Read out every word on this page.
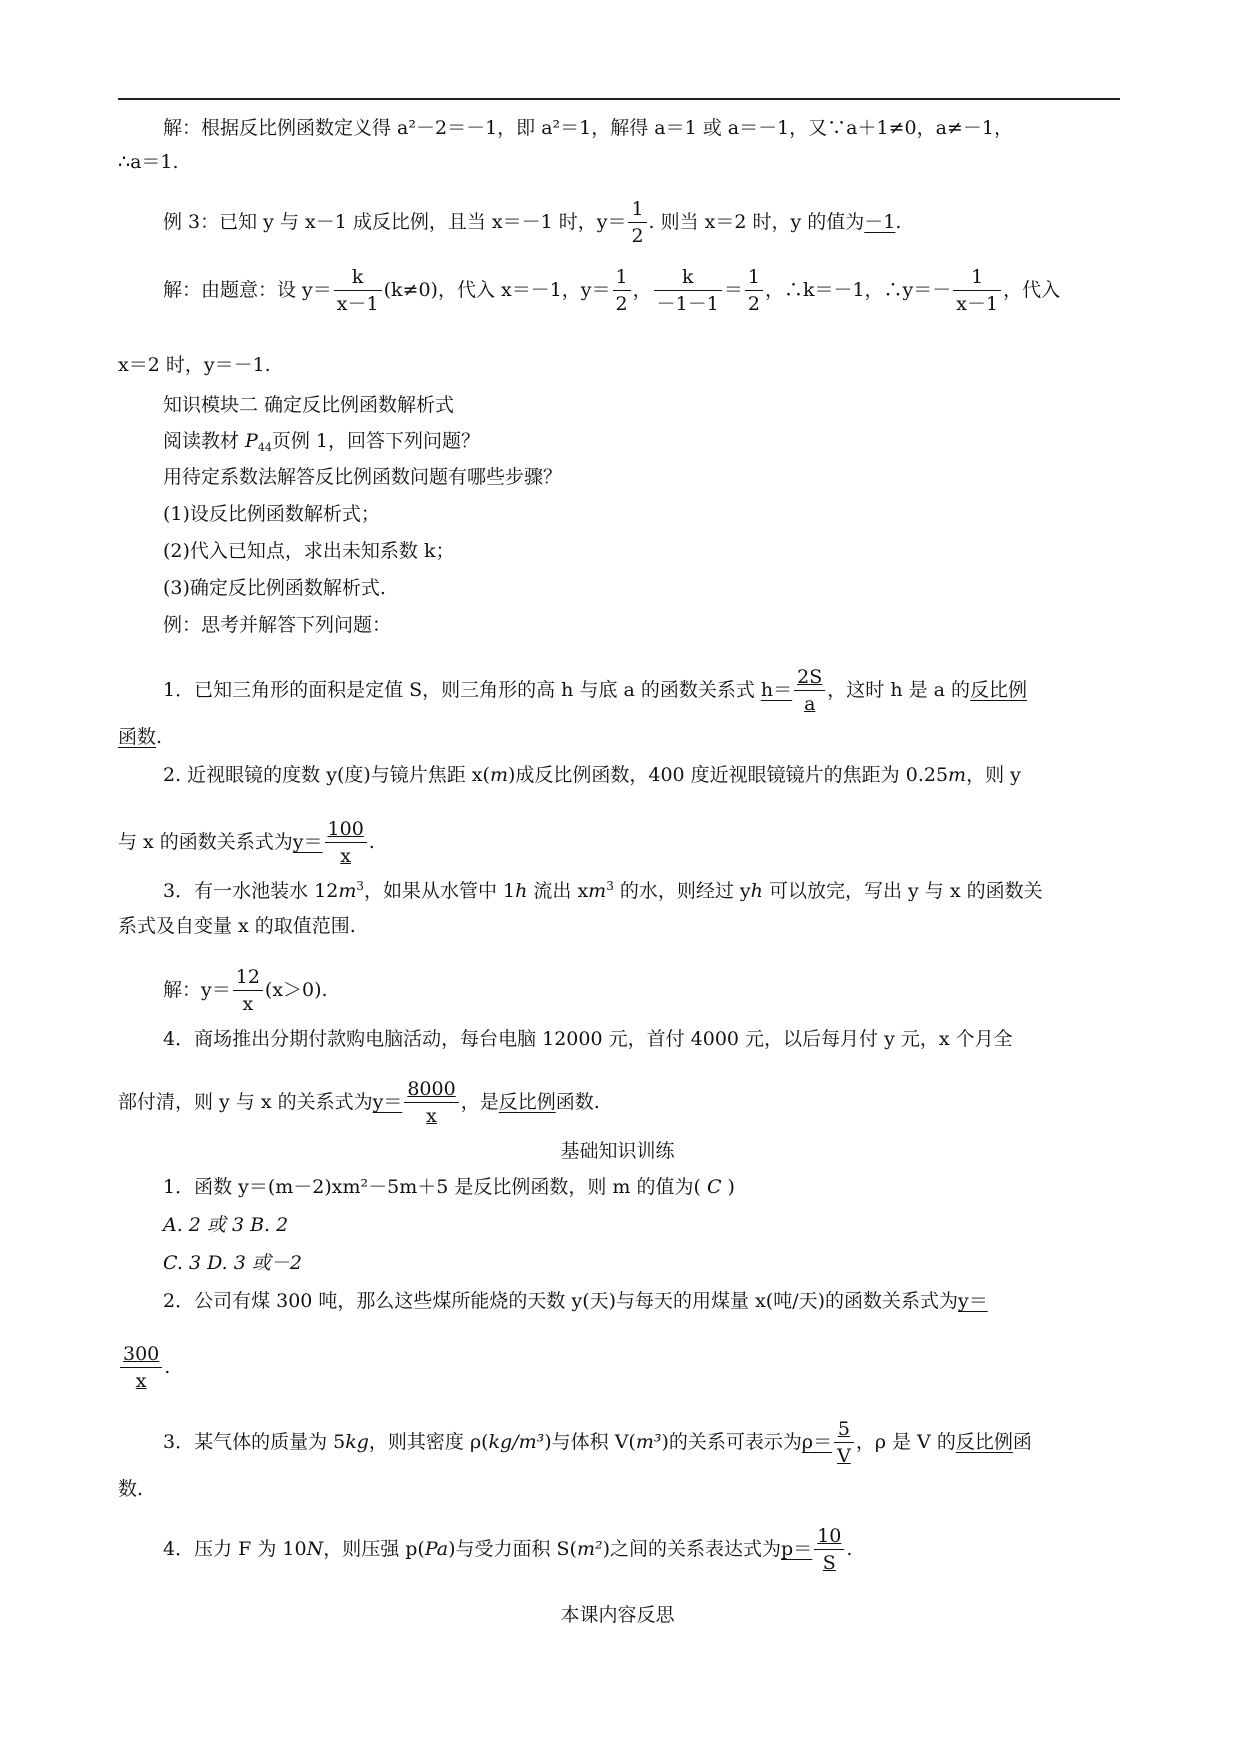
解：根据反比例函数定义得 a²－2＝－1，即 a²＝1，解得 a＝1 或 a＝－1，又∵a＋1≠0，a≠－1，
∴a＝1.
例 3：已知 y 与 x－1 成反比例，且当 x＝－1 时，$y= \frac{1}{2}$ . 则当 x＝2 时，y 的值为－1.
解：由题意：设 $y= \frac{k}{x-1} (k\ne 0)$，代入 x＝－1，$y= \frac{1}{2}$ ， $\frac{k}{-1-1} = \frac{1}{2}$ ，∴k＝－1，∴y＝－ $\frac{1}{x-1}$ ，代入
x＝2 时，y＝－1.
知识模块二 确定反比例函数解析式
阅读教材 $P_{44}$页例 1，回答下列问题？
用待定系数法解答反比例函数问题有哪些步骤？
(1)设反比例函数解析式；
(2)代入已知点，求出未知系数 k；
(3)确定反比例函数解析式.
例：思考并解答下列问题：
1．已知三角形的面积是定值 S，则三角形的高 h 与底 a 的函数关系式 $h= \frac{2S}{a}$ ，这时 h 是 a 的反比例
函数.
2. 近视眼镜的度数 y(度)与镜片焦距 x(m)成反比例函数，400 度近视眼镜镜片的焦距为 0.25m，则 y
与 x 的函数关系式为$y= \frac{100}{x}$ .
3．有一水池装水 $12m^3$，如果从水管中 1h 流出 $xm^3$ 的水，则经过 yh 可以放完，写出 y 与 x 的函数关
系式及自变量 x 的取值范围.
解：$y= \frac{12}{x} (x>0)$.
4．商场推出分期付款购电脑活动，每台电脑 12000 元，首付 4000 元，以后每月付 y 元，x 个月全
部付清，则 y 与 x 的关系式为$y= \frac{8000}{x}$ ，是反比例函数.
基础知识训练
1．函数 y＝(m－2)xm²－5m＋5 是反比例函数，则 m 的值为( C )
A. 2 或 3 B. 2
C. 3 D. 3 或－2
2．公司有煤 300 吨，那么这些煤所能烧的天数 y(天)与每天的用煤量 x(吨/天)的函数关系式为y＝
$\frac{300}{x}$ .
3．某气体的质量为 5kg，则其密度 ρ(kg/m³)与体积 V(m³)的关系可表示为$\rho= \frac{5}{V}$ ，ρ 是 V 的反比例函
数.
4．压力 F 为 10N，则压强 p(Pa)与受力面积 S(m²)之间的关系表达式为$p= \frac{10}{S}$ .
本课内容反思
